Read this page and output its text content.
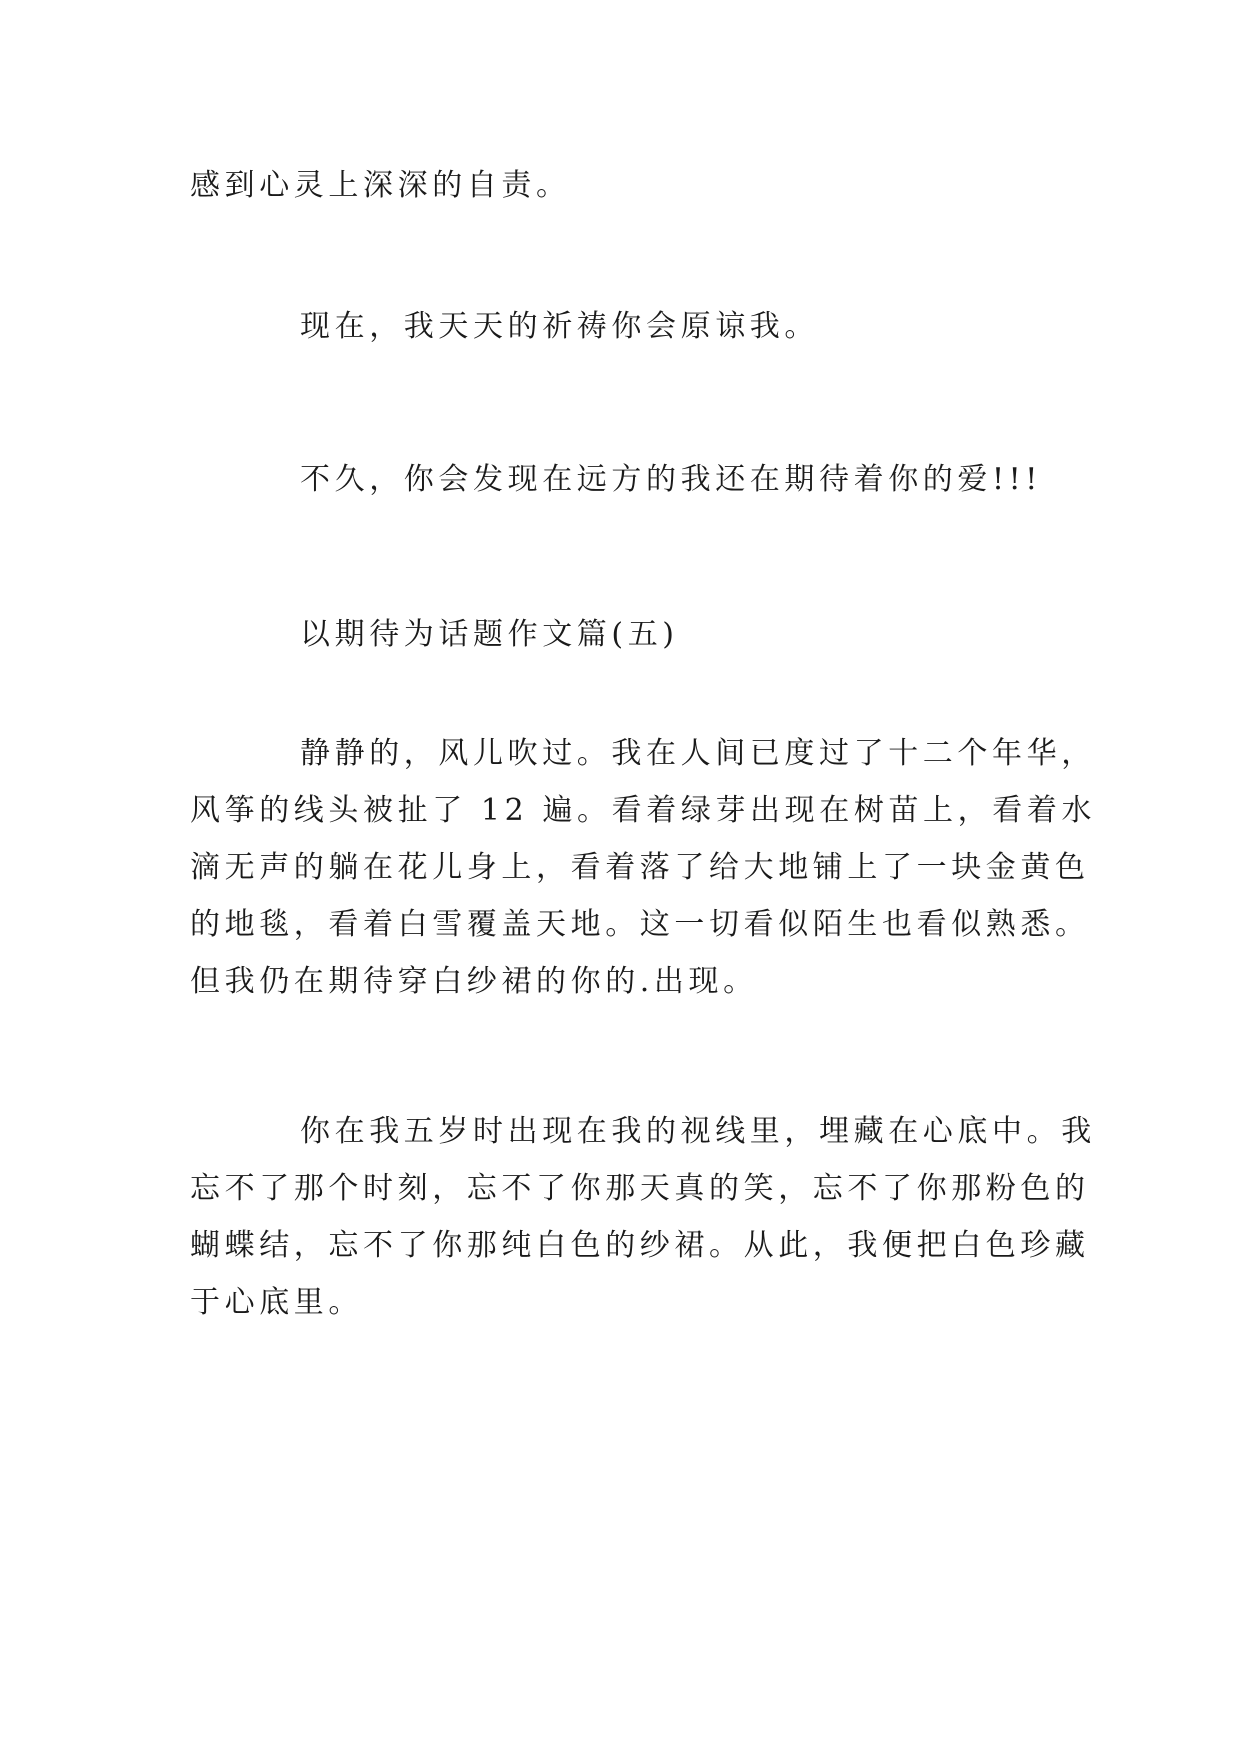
感到心灵上深深的自责。

现在，我天天的祈祷你会原谅我。

不久，你会发现在远方的我还在期待着你的爱!!!

以期待为话题作文篇(五)

静静的，风儿吹过。我在人间已度过了十二个年华，

风筝的线头被扯了 12 遍。看着绿芽出现在树苗上，看着水

滴无声的躺在花儿身上，看着落了给大地铺上了一块金黄色

的地毯，看着白雪覆盖天地。这一切看似陌生也看似熟悉。

但我仍在期待穿白纱裙的你的.出现。

你在我五岁时出现在我的视线里，埋藏在心底中。我

忘不了那个时刻，忘不了你那天真的笑，忘不了你那粉色的

蝴蝶结，忘不了你那纯白色的纱裙。从此，我便把白色珍藏

于心底里。
